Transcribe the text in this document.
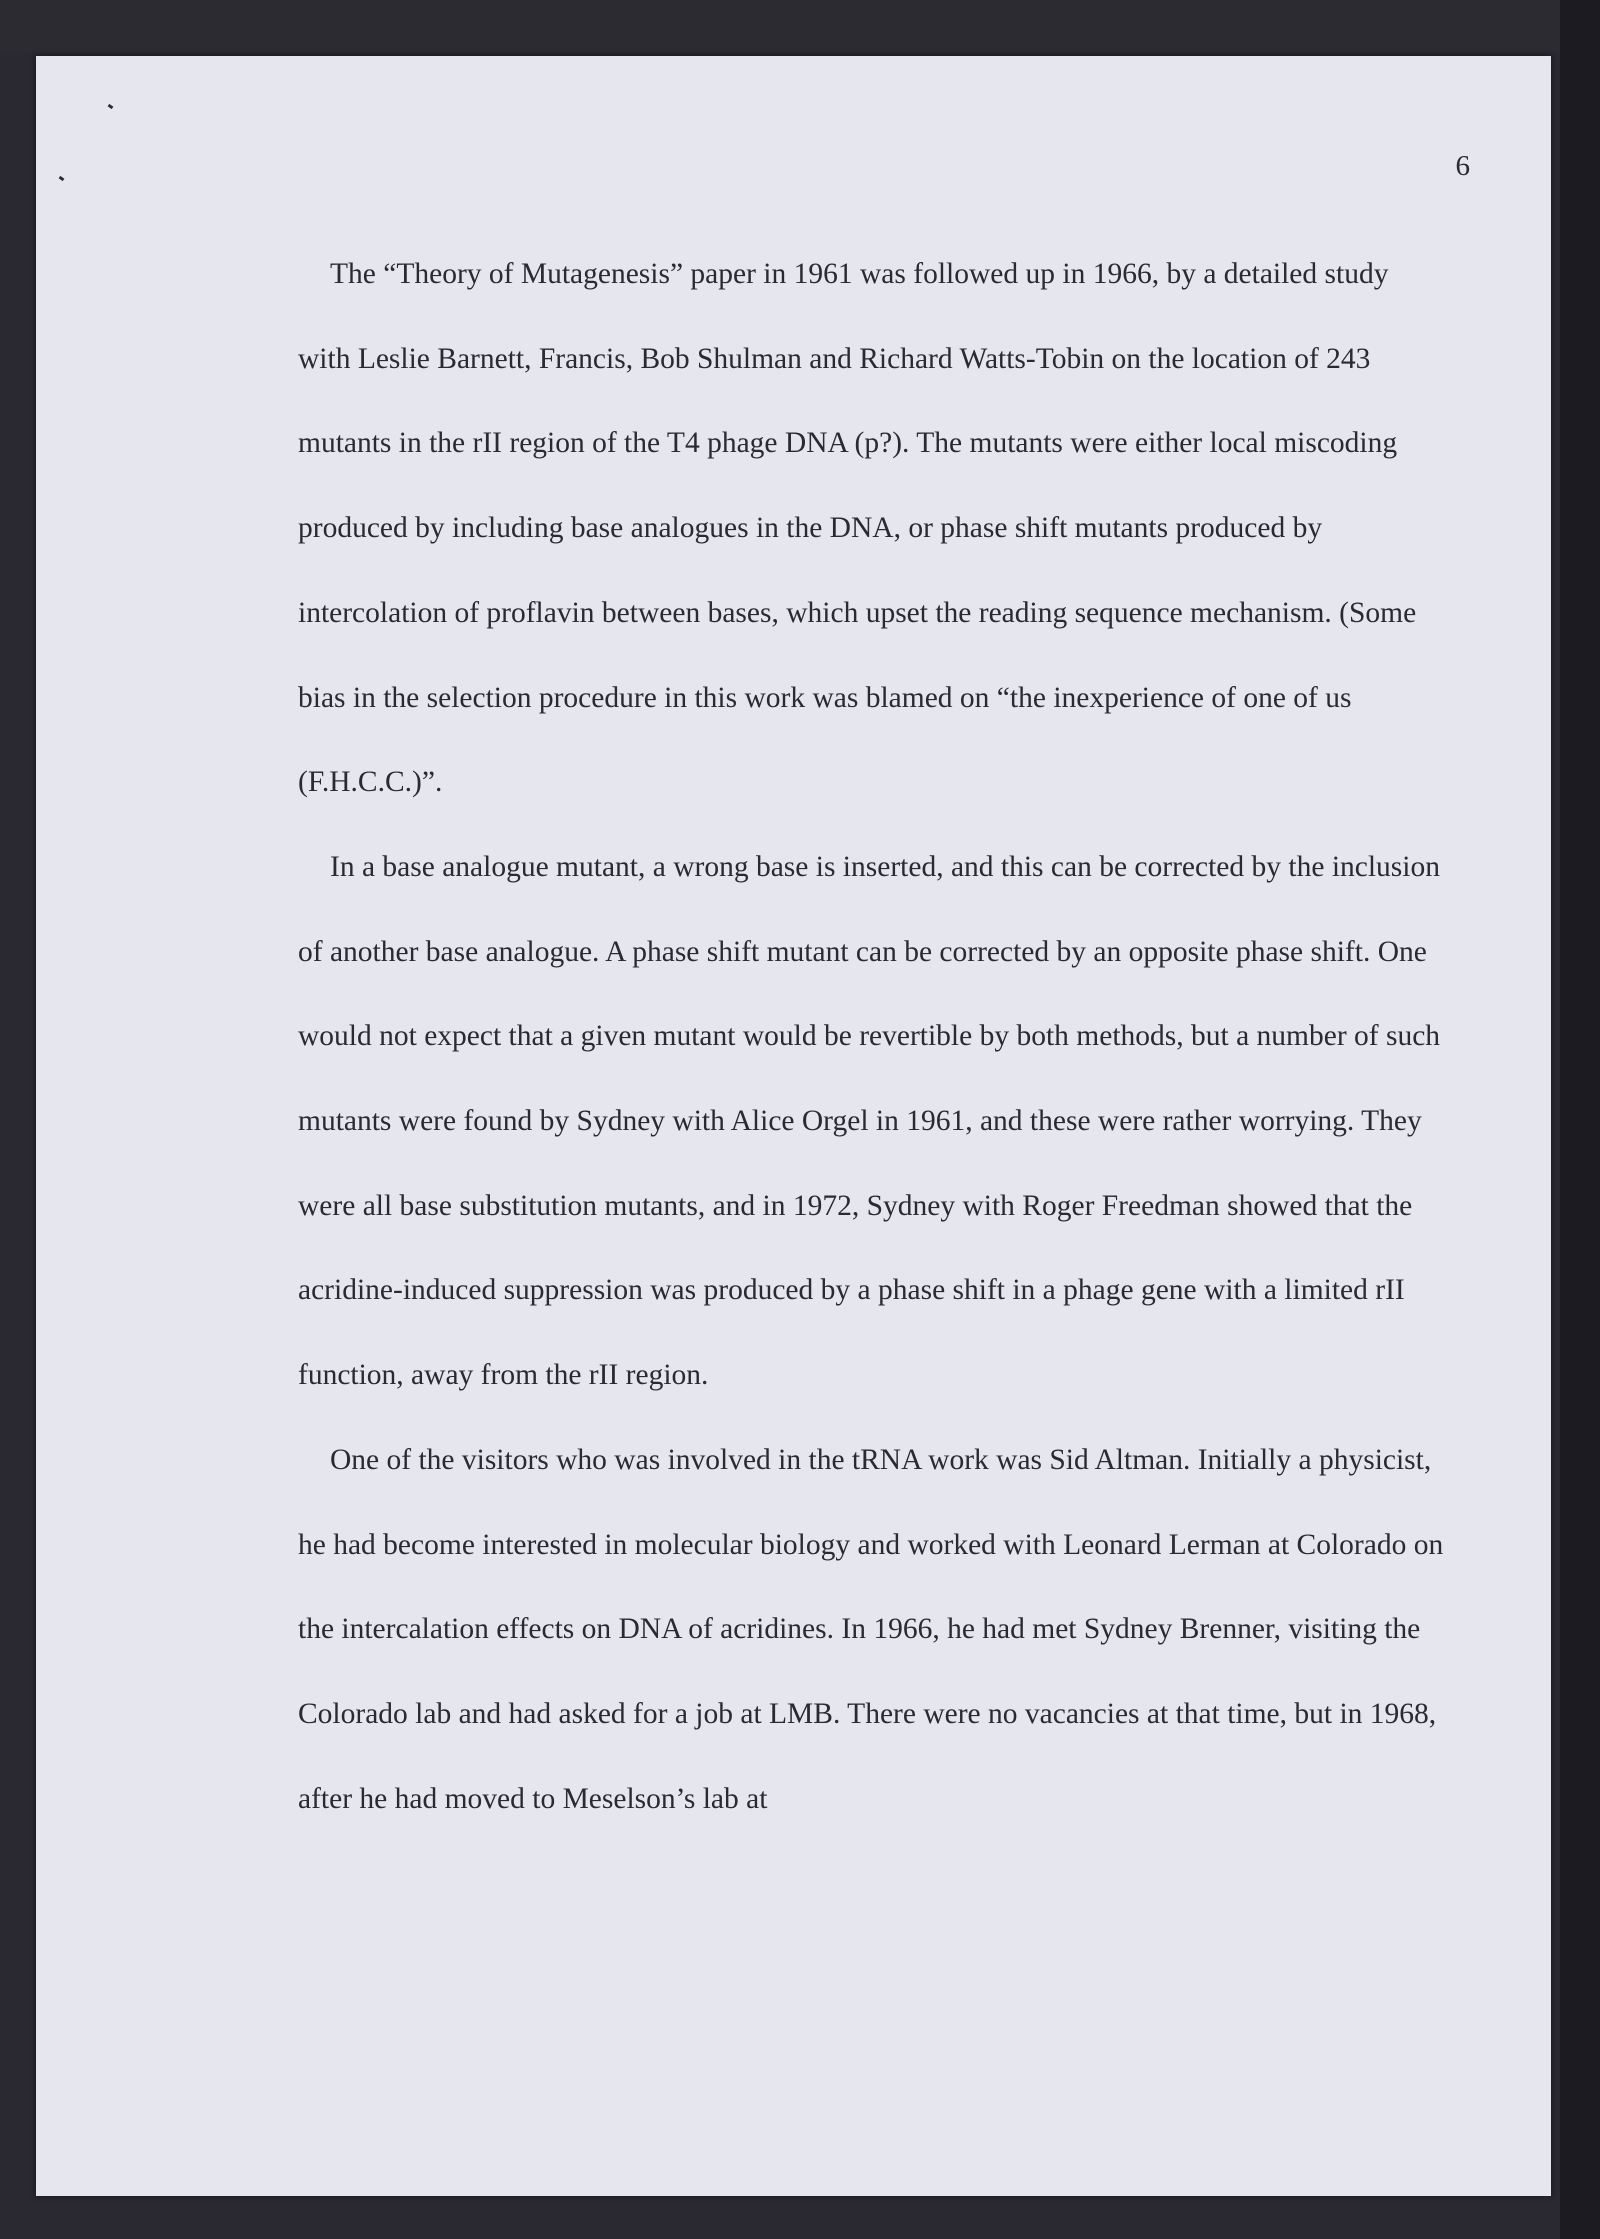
6

The “Theory of Mutagenesis” paper in 1961 was followed up in 1966, by a detailed study with Leslie Barnett, Francis, Bob Shulman and Richard Watts-Tobin on the location of 243 mutants in the rII region of the T4 phage DNA (p?). The mutants were either local miscoding produced by including base analogues in the DNA, or phase shift mutants produced by intercolation of proflavin between bases, which upset the reading sequence mechanism. (Some bias in the selection procedure in this work was blamed on “the inexperience of one of us (F.H.C.C.)”.

In a base analogue mutant, a wrong base is inserted, and this can be corrected by the inclusion of another base analogue. A phase shift mutant can be corrected by an opposite phase shift. One would not expect that a given mutant would be revertible by both methods, but a number of such mutants were found by Sydney with Alice Orgel in 1961, and these were rather worrying. They were all base substitution mutants, and in 1972, Sydney with Roger Freedman showed that the acridine-induced suppression was produced by a phase shift in a phage gene with a limited rII function, away from the rII region.

One of the visitors who was involved in the tRNA work was Sid Altman. Initially a physicist, he had become interested in molecular biology and worked with Leonard Lerman at Colorado on the intercalation effects on DNA of acridines. In 1966, he had met Sydney Brenner, visiting the Colorado lab and had asked for a job at LMB. There were no vacancies at that time, but in 1968, after he had moved to Meselson’s lab at
